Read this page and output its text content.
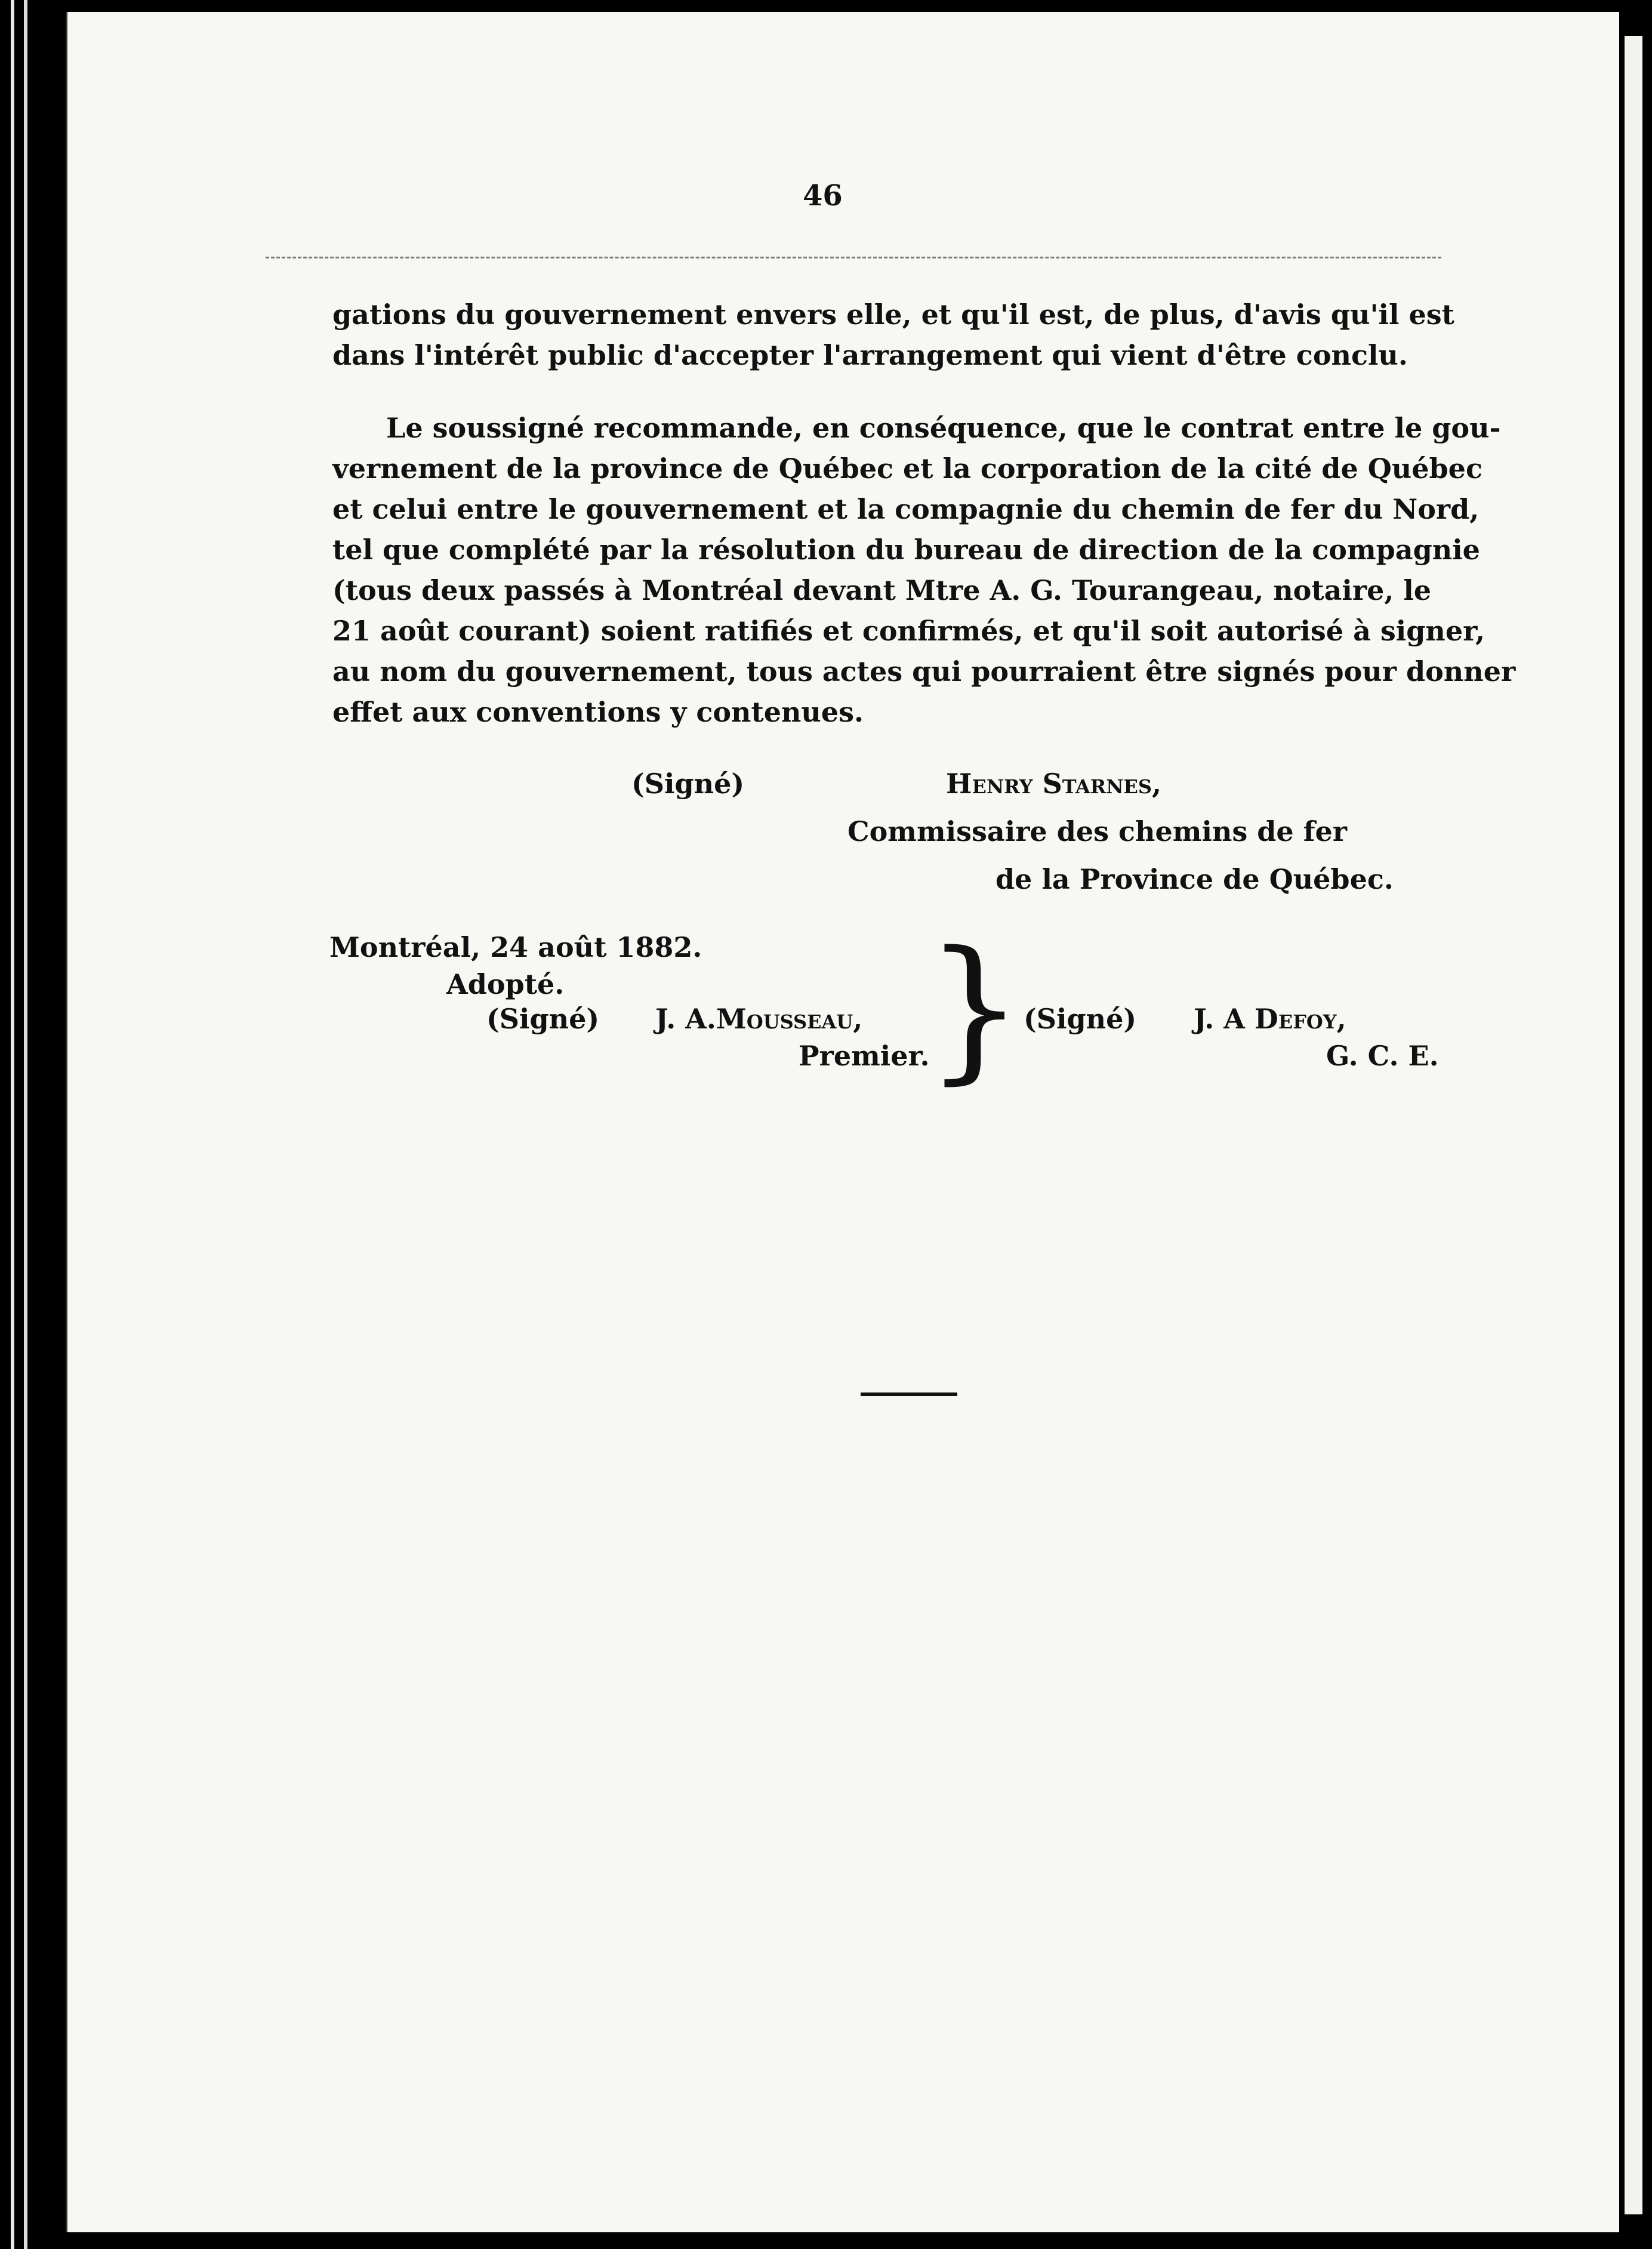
46
gations du gouvernement envers elle, et qu'il est, de plus, d'avis qu'il est
dans l'intérêt public d'accepter l'arrangement qui vient d'être conclu.
Le soussigné recommande, en conséquence, que le contrat entre le gou-
vernement de la province de Québec et la corporation de la cité de Québec
et celui entre le gouvernement et la compagnie du chemin de fer du Nord,
tel que complété par la résolution du bureau de direction de la compagnie
(tous deux passés à Montréal devant Mtre A. G. Tourangeau, notaire, le
21 août courant) soient ratifiés et confirmés, et qu'il soit autorisé à signer,
au nom du gouvernement, tous actes qui pourraient être signés pour donner
effet aux conventions y contenues.
(Signé)	Henry Starnes,
Commissaire des chemins de fer
de la Province de Québec.
Montréal, 24 août 1882.
Adopté.
(Signé) J. A.Mousseau,
Premier.
} (Signé) J. A Defoy,
G. C. E.
